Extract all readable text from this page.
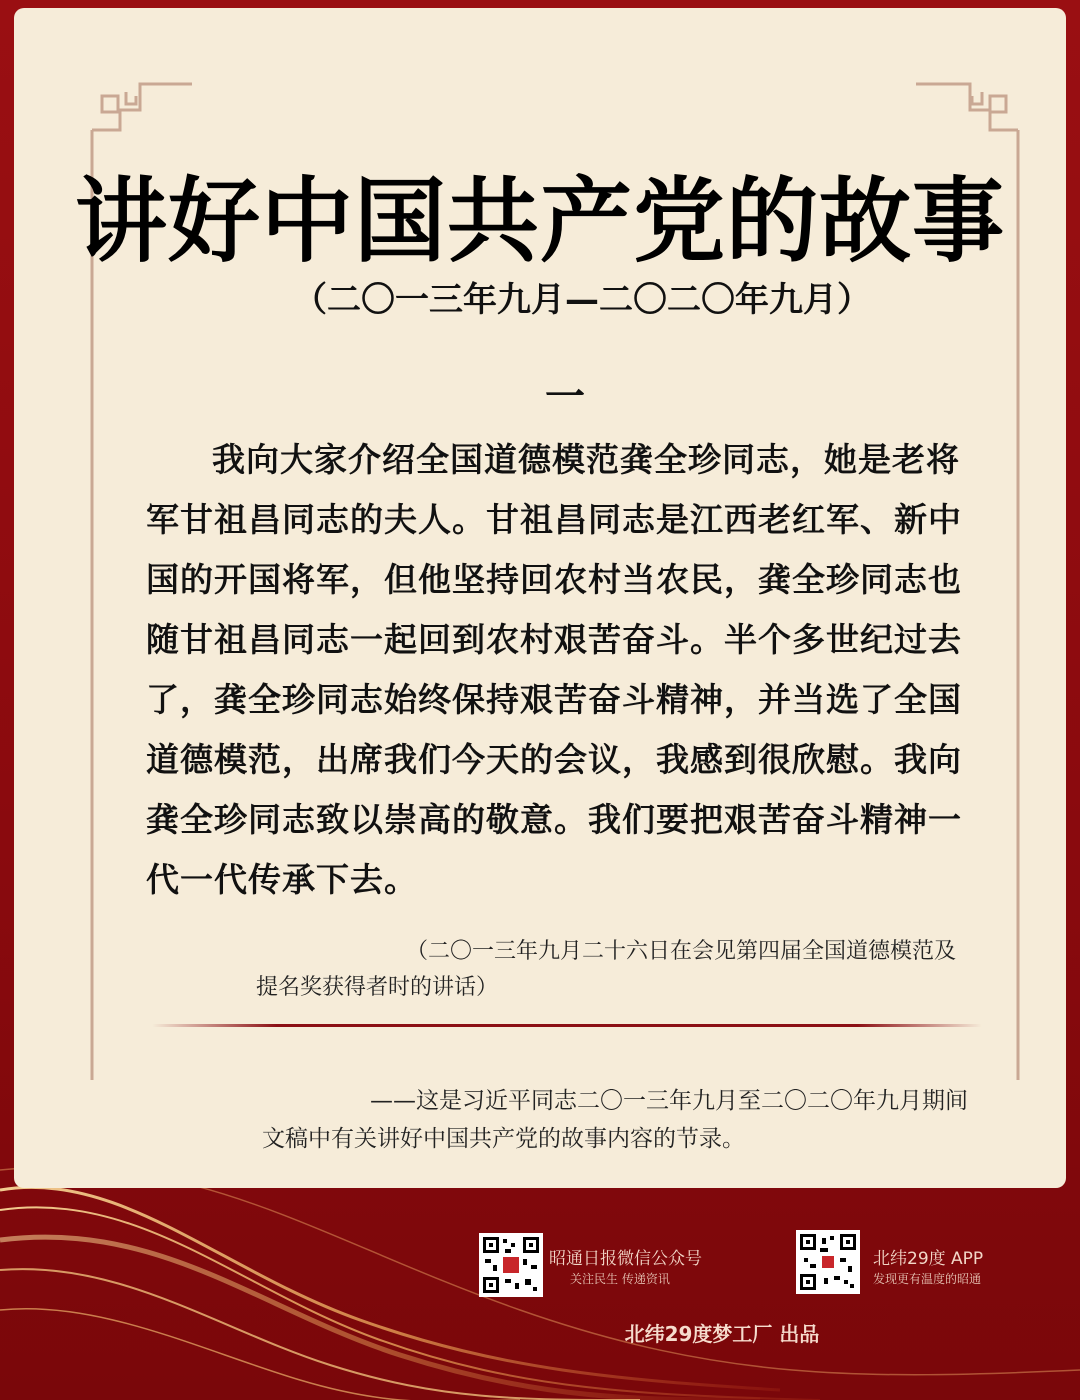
讲好中国共产党的故事
（二〇一三年九月—二〇二〇年九月）
一

我向大家介绍全国道德模范龚全珍同志，她是老将军甘祖昌同志的夫人。甘祖昌同志是江西老红军、新中国的开国将军，但他坚持回农村当农民，龚全珍同志也随甘祖昌同志一起回到农村艰苦奋斗。半个多世纪过去了，龚全珍同志始终保持艰苦奋斗精神，并当选了全国道德模范，出席我们今天的会议，我感到很欣慰。我向龚全珍同志致以崇高的敬意。我们要把艰苦奋斗精神一代一代传承下去。

（二〇一三年九月二十六日在会见第四届全国道德模范及提名奖获得者时的讲话）

——这是习近平同志二〇一三年九月至二〇二〇年九月期间文稿中有关讲好中国共产党的故事内容的节录。

昭通日报微信公众号
关注民生 传递资讯
北纬29度 APP
发现更有温度的昭通
北纬29度梦工厂 出品
